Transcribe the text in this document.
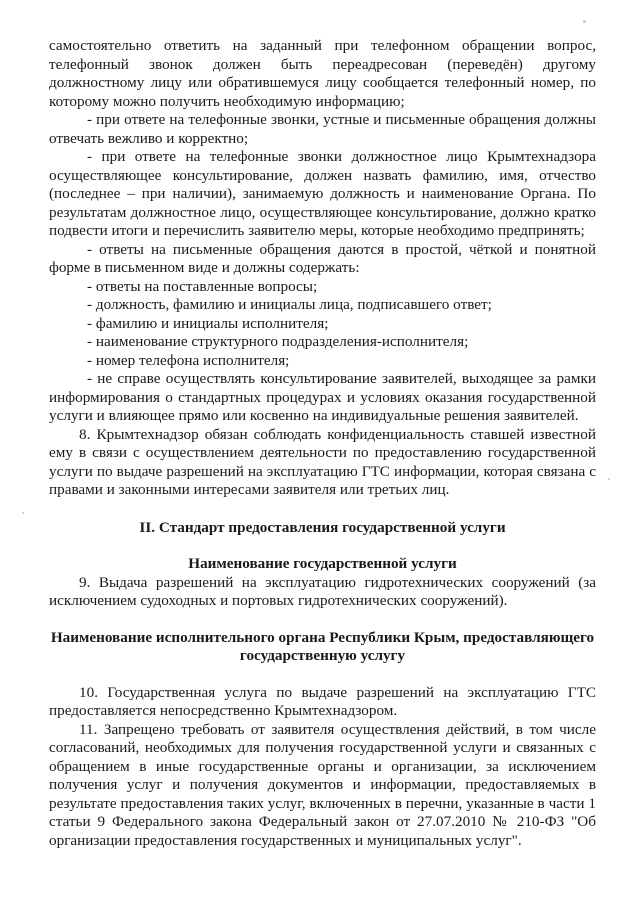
самостоятельно ответить на заданный при телефонном обращении вопрос, телефонный звонок должен быть переадресован (переведён) другому должностному лицу или обратившемуся лицу сообщается телефонный номер, по которому можно получить необходимую информацию;

- при ответе на телефонные звонки, устные и письменные обращения должны отвечать вежливо и корректно;

- при ответе на телефонные звонки должностное лицо Крымтехнадзора осуществляющее консультирование, должен назвать фамилию, имя, отчество (последнее – при наличии), занимаемую должность и наименование Органа. По результатам должностное лицо, осуществляющее консультирование, должно кратко подвести итоги и перечислить заявителю меры, которые необходимо предпринять;

- ответы на письменные обращения даются в простой, чёткой и понятной форме в письменном виде и должны содержать:

- ответы на поставленные вопросы;

- должность, фамилию и инициалы лица, подписавшего ответ;

- фамилию и инициалы исполнителя;

- наименование структурного подразделения-исполнителя;

- номер телефона исполнителя;

- не справе осуществлять консультирование заявителей, выходящее за рамки информирования о стандартных процедурах и условиях оказания государственной услуги и влияющее прямо или косвенно на индивидуальные решения заявителей.

8. Крымтехнадзор обязан соблюдать конфиденциальность ставшей известной ему в связи с осуществлением деятельности по предоставлению государственной услуги по выдаче разрешений на эксплуатацию ГТС информации, которая связана с правами и законными интересами заявителя или третьих лиц.

II. Стандарт предоставления государственной услуги

Наименование государственной услуги

9. Выдача разрешений на эксплуатацию гидротехнических сооружений (за исключением судоходных и портовых гидротехнических сооружений).

Наименование исполнительного органа Республики Крым, предоставляющего государственную услугу

10. Государственная услуга по выдаче разрешений на эксплуатацию ГТС предоставляется непосредственно Крымтехнадзором.

11. Запрещено требовать от заявителя осуществления действий, в том числе согласований, необходимых для получения государственной услуги и связанных с обращением в иные государственные органы и организации, за исключением получения услуг и получения документов и информации, предоставляемых в результате предоставления таких услуг, включенных в перечни, указанные в части 1 статьи 9 Федерального закона Федеральный закон от 27.07.2010 № 210-ФЗ "Об организации предоставления государственных и муниципальных услуг".
